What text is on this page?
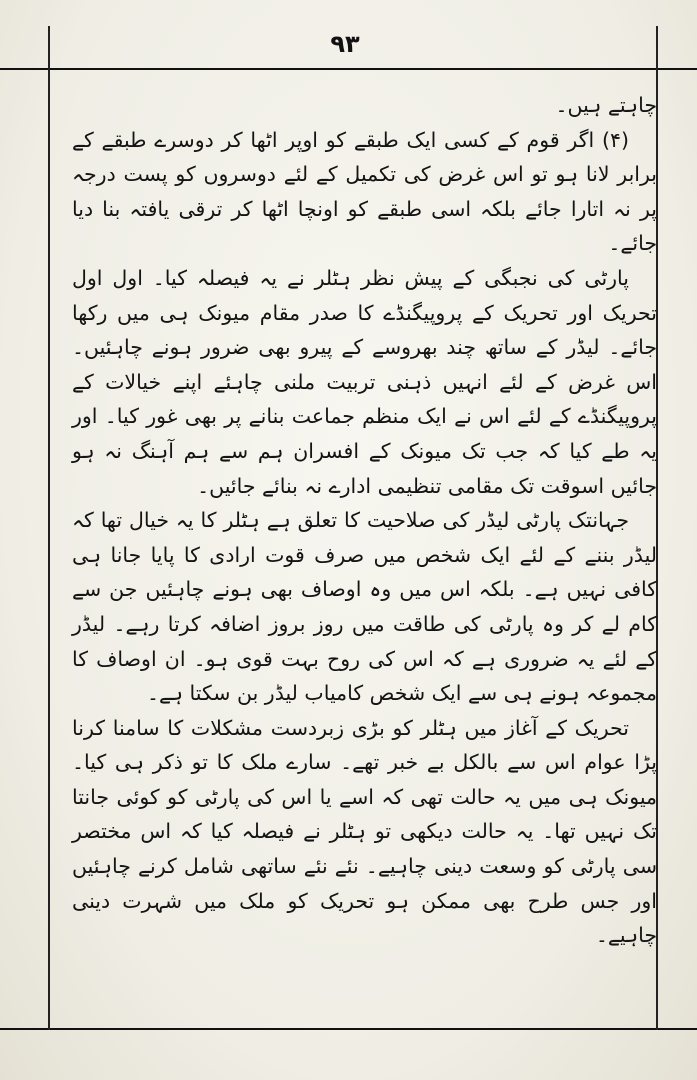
٩٣

چاہتے ہیں۔

(۴) اگر قوم کے کسی ایک طبقے کو اوپر اٹھا کر دوسرے طبقے کے برابر لانا ہو تو اس غرض کی تکمیل کے لئے دوسروں کو پست درجہ پر نہ اتارا جائے بلکہ اسی طبقے کو اونچا اٹھا کر ترقی یافتہ بنا دیا جائے۔

پارٹی کی نجبگی کے پیش نظر ہٹلر نے یہ فیصلہ کیا۔ اول اول تحریک اور تحریک کے پروپیگنڈے کا صدر مقام میونک ہی میں رکھا جائے۔ لیڈر کے ساتھ چند بھروسے کے پیرو بھی ضرور ہونے چاہئیں۔ اس غرض کے لئے انہیں ذہنی تربیت ملنی چاہئے اپنے خیالات کے پروپیگنڈے کے لئے اس نے ایک منظم جماعت بنانے پر بھی غور کیا۔ اور یہ طے کیا کہ جب تک میونک کے افسران ہم سے ہم آہنگ نہ ہو جائیں اسوقت تک مقامی تنظیمی ادارے نہ بنائے جائیں۔

جہانتک پارٹی لیڈر کی صلاحیت کا تعلق ہے ہٹلر کا یہ خیال تھا کہ لیڈر بننے کے لئے ایک شخص میں صرف قوت ارادی کا پایا جانا ہی کافی نہیں ہے۔ بلکہ اس میں وہ اوصاف بھی ہونے چاہئیں جن سے کام لے کر وہ پارٹی کی طاقت میں روز بروز اضافہ کرتا رہے۔ لیڈر کے لئے یہ ضروری ہے کہ اس کی روح بہت قوی ہو۔ ان اوصاف کا مجموعہ ہونے ہی سے ایک شخص کامیاب لیڈر بن سکتا ہے۔

تحریک کے آغاز میں ہٹلر کو بڑی زبردست مشکلات کا سامنا کرنا پڑا عوام اس سے بالکل بے خبر تھے۔ سارے ملک کا تو ذکر ہی کیا۔ میونک ہی میں یہ حالت تھی کہ اسے یا اس کی پارٹی کو کوئی جانتا تک نہیں تھا۔ یہ حالت دیکھی تو ہٹلر نے فیصلہ کیا کہ اس مختصر سی پارٹی کو وسعت دینی چاہیے۔ نئے نئے ساتھی شامل کرنے چاہئیں اور جس طرح بھی ممکن ہو تحریک کو ملک میں شہرت دینی چاہیے۔
